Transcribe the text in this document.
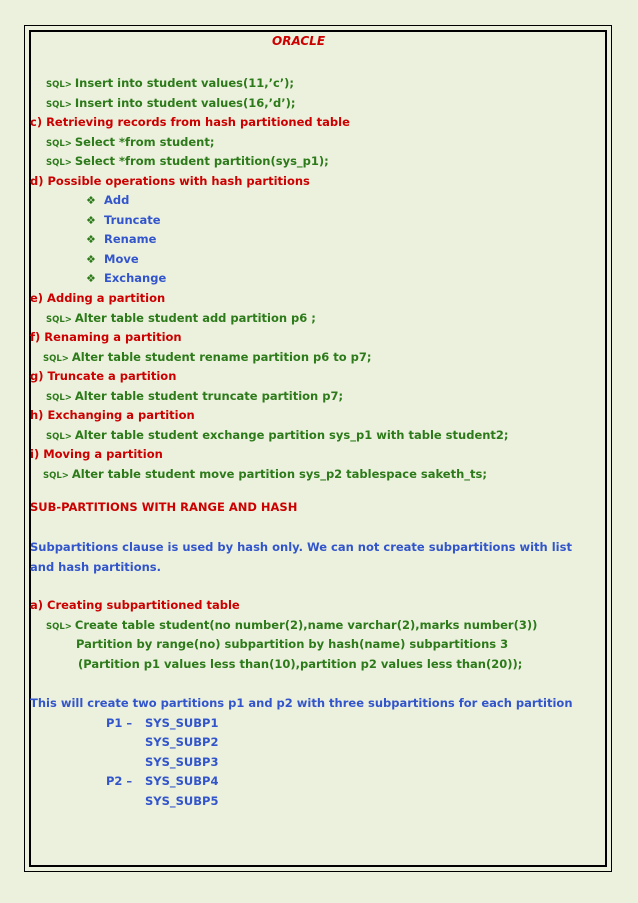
ORACLE
SQL> Insert into student values(11,’c’);
SQL> Insert into student values(16,’d’);
c) Retrieving records from hash partitioned table
SQL> Select *from student;
SQL> Select *from student partition(sys_p1);
d) Possible operations with hash partitions
❖ Add
❖ Truncate
❖ Rename
❖ Move
❖ Exchange
e) Adding a partition
SQL> Alter table student add partition p6 ;
f) Renaming a partition
SQL> Alter table student rename partition p6 to p7;
g) Truncate a partition
SQL> Alter table student truncate partition p7;
h) Exchanging a partition
SQL> Alter table student exchange partition sys_p1 with table student2;
i) Moving a partition
SQL> Alter table student move partition sys_p2 tablespace saketh_ts;
SUB-PARTITIONS WITH RANGE AND HASH
Subpartitions clause is used by hash only. We can not create subpartitions with list and hash partitions.
a) Creating subpartitioned table
SQL> Create table student(no number(2),name varchar(2),marks number(3))
Partition by range(no) subpartition by hash(name) subpartitions 3
(Partition p1 values less than(10),partition p2 values less than(20));
This will create two partitions p1 and p2 with three subpartitions for each partition
P1 – SYS_SUBP1
SYS_SUBP2
SYS_SUBP3
P2 – SYS_SUBP4
SYS_SUBP5
